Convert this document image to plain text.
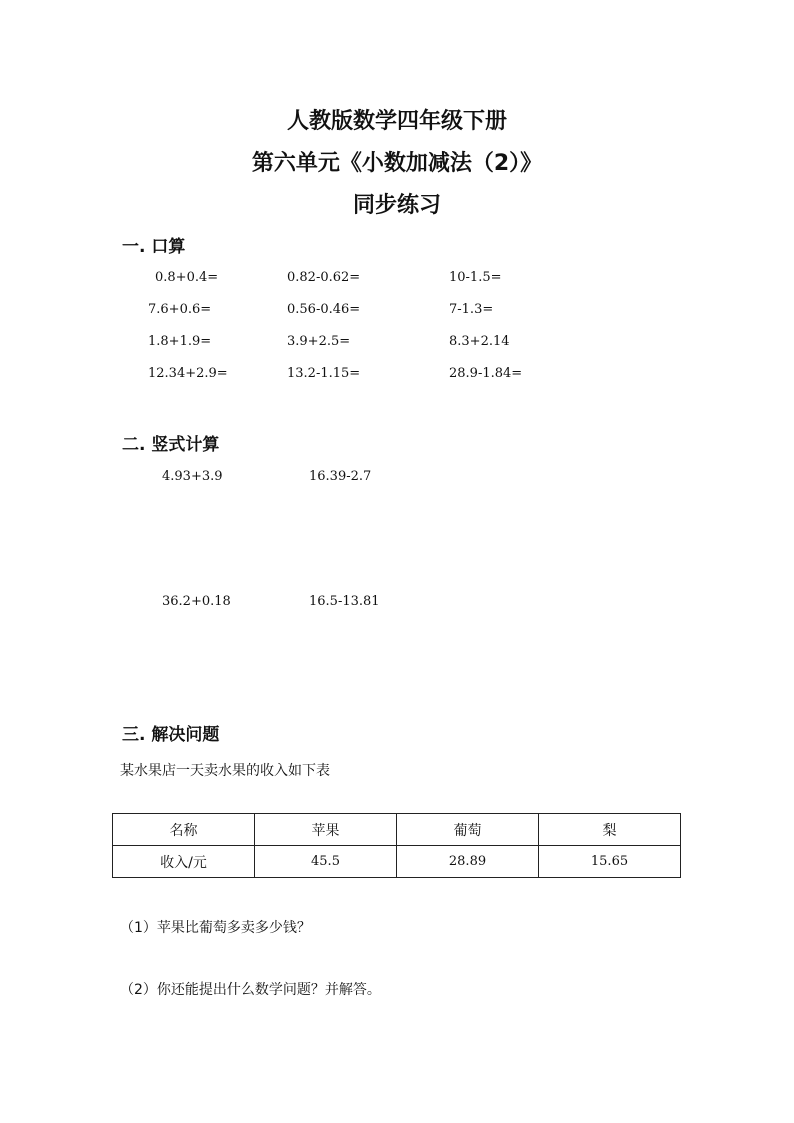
人教版数学四年级下册
第六单元《小数加减法（2）》
同步练习
一. 口算
0.8+0.4=	0.82-0.62=	10-1.5=
7.6+0.6=	0.56-0.46=	7-1.3=
1.8+1.9=	3.9+2.5=	8.3+2.14
12.34+2.9=	13.2-1.15=	28.9-1.84=
二. 竖式计算
4.93+3.9	16.39-2.7
36.2+0.18	16.5-13.81
三. 解决问题
某水果店一天卖水果的收入如下表
名称	苹果	葡萄	梨
收入/元	45.5	28.89	15.65
（1）苹果比葡萄多卖多少钱？
（2）你还能提出什么数学问题？并解答。
